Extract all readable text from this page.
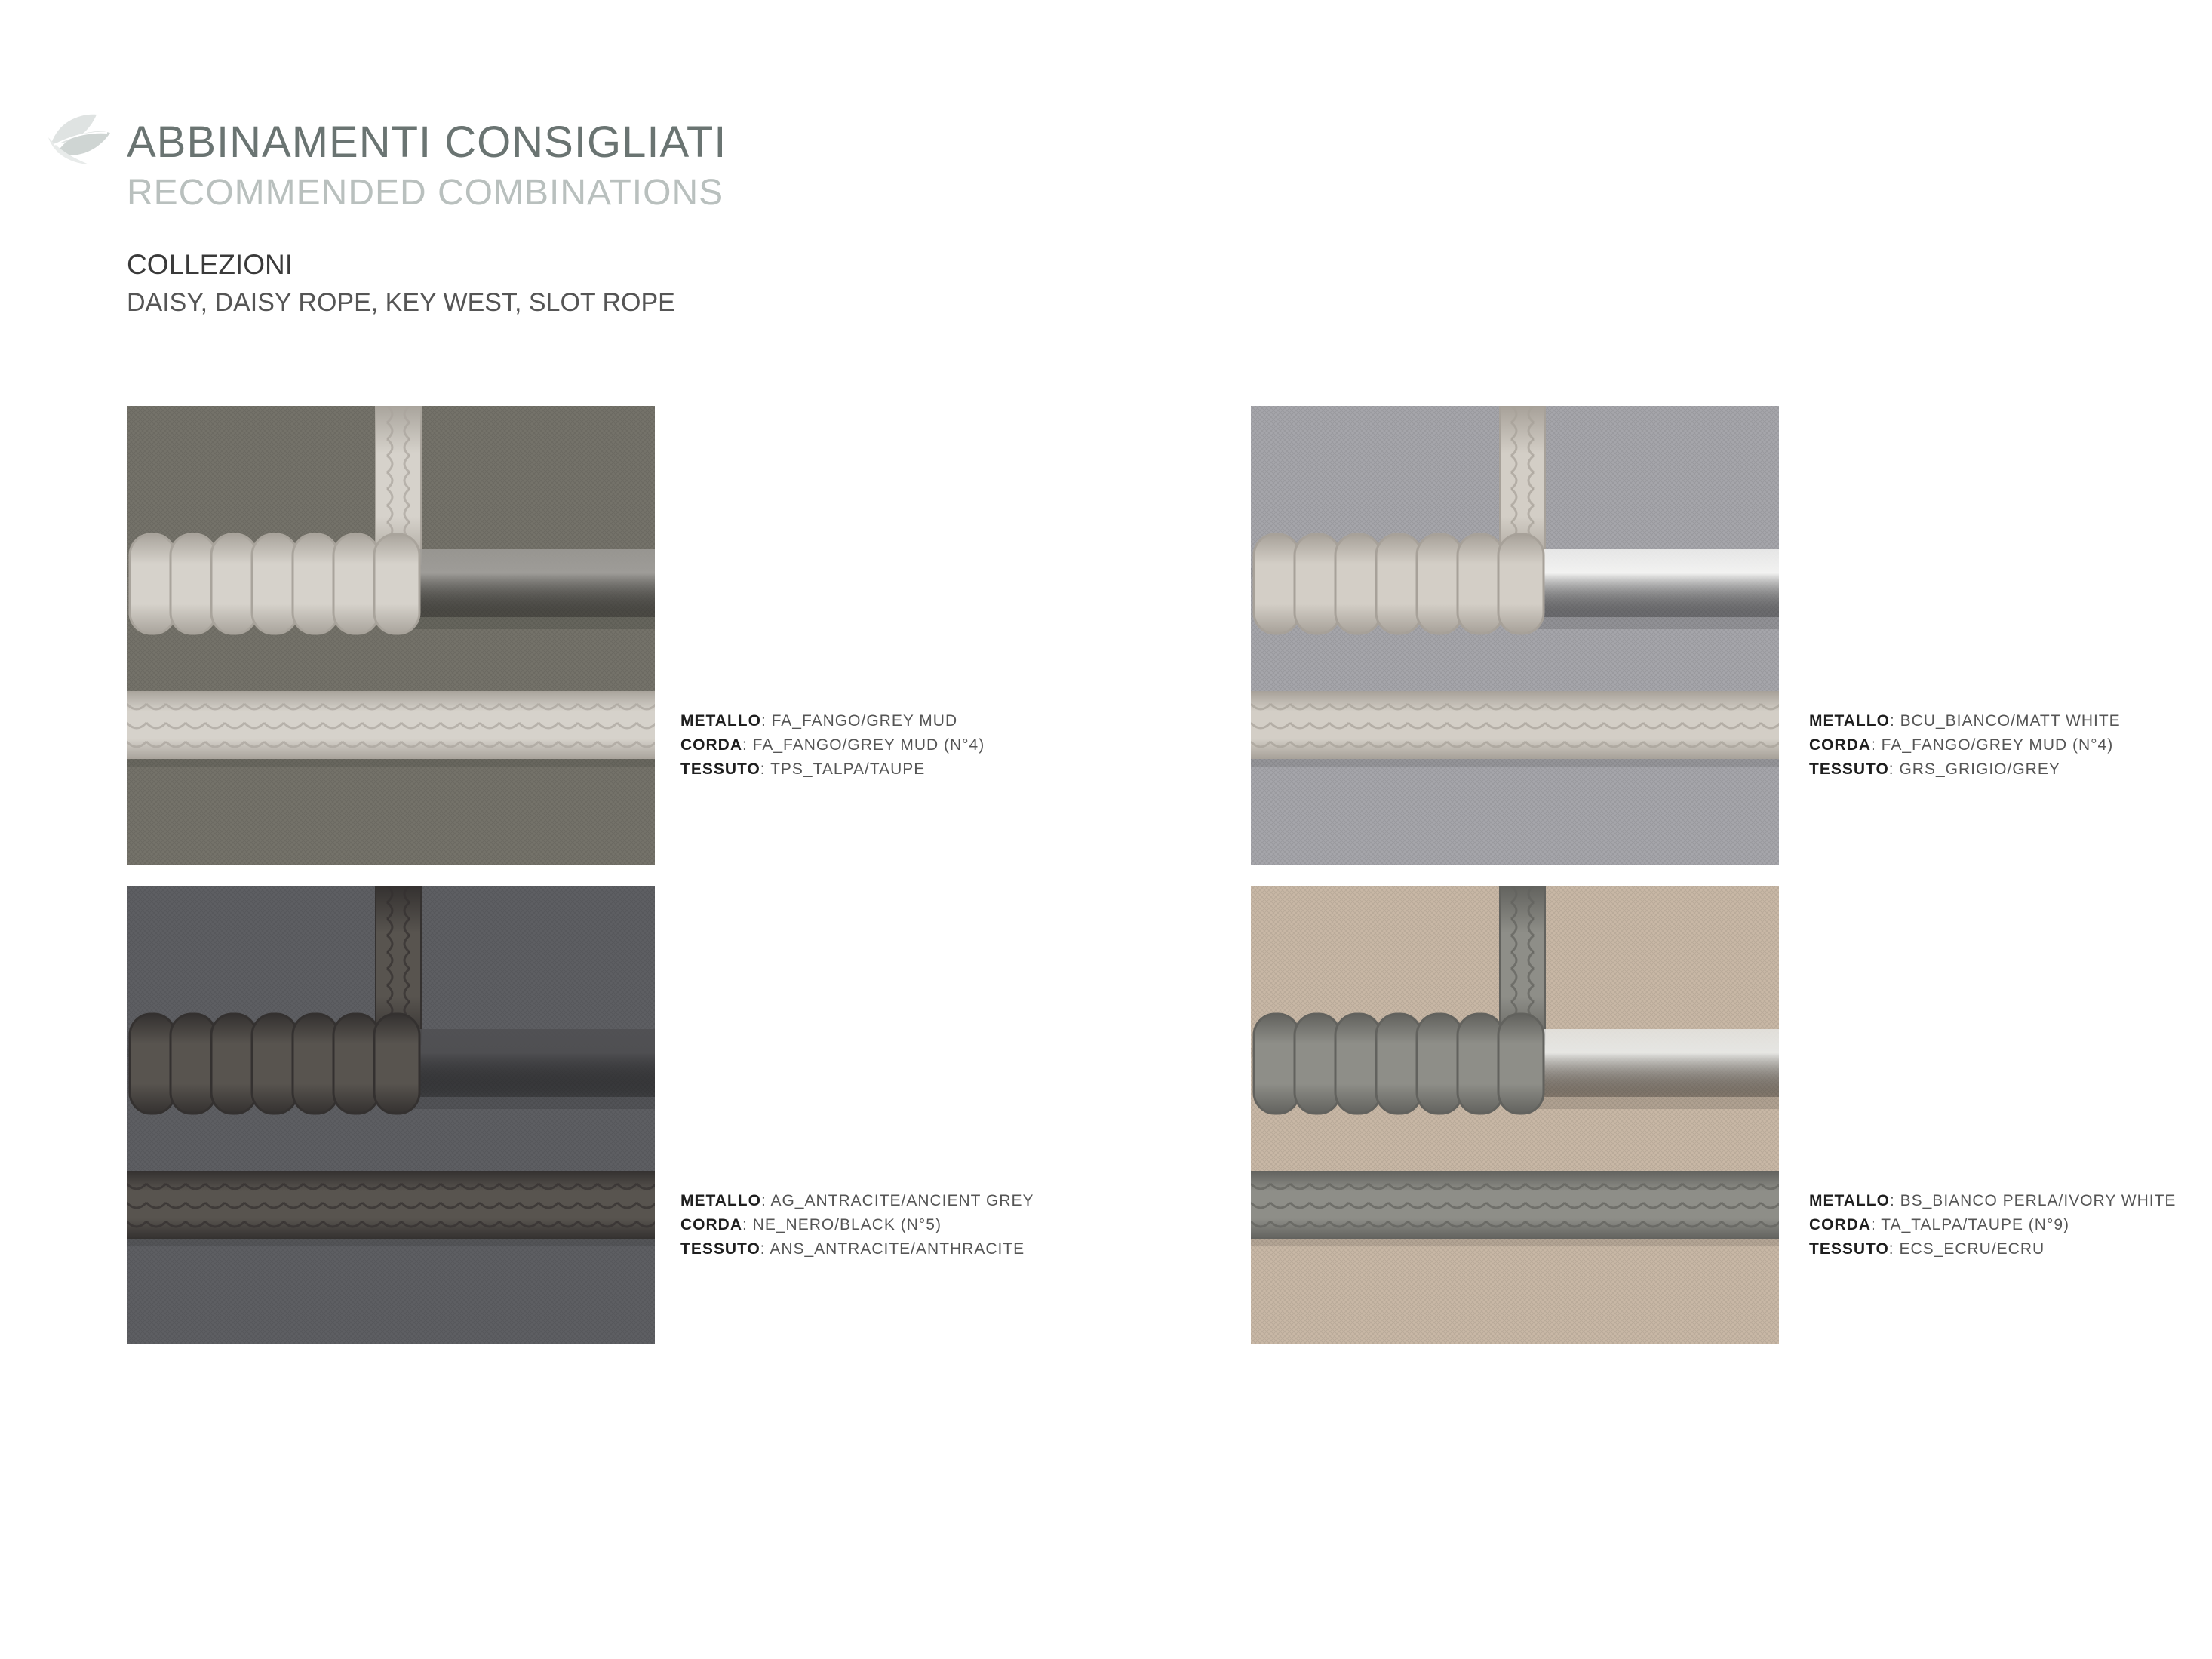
ABBINAMENTI CONSIGLIATI
RECOMMENDED COMBINATIONS
COLLEZIONI
DAISY, DAISY ROPE, KEY WEST, SLOT ROPE
METALLO: FA_FANGO/GREY MUD
CORDA: FA_FANGO/GREY MUD (N°4)
TESSUTO: TPS_TALPA/TAUPE
METALLO: BCU_BIANCO/MATT WHITE
CORDA: FA_FANGO/GREY MUD (N°4)
TESSUTO: GRS_GRIGIO/GREY
METALLO: AG_ANTRACITE/ANCIENT GREY
CORDA: NE_NERO/BLACK (N°5)
TESSUTO: ANS_ANTRACITE/ANTHRACITE
METALLO: BS_BIANCO PERLA/IVORY WHITE
CORDA: TA_TALPA/TAUPE (N°9)
TESSUTO: ECS_ECRU/ECRU
